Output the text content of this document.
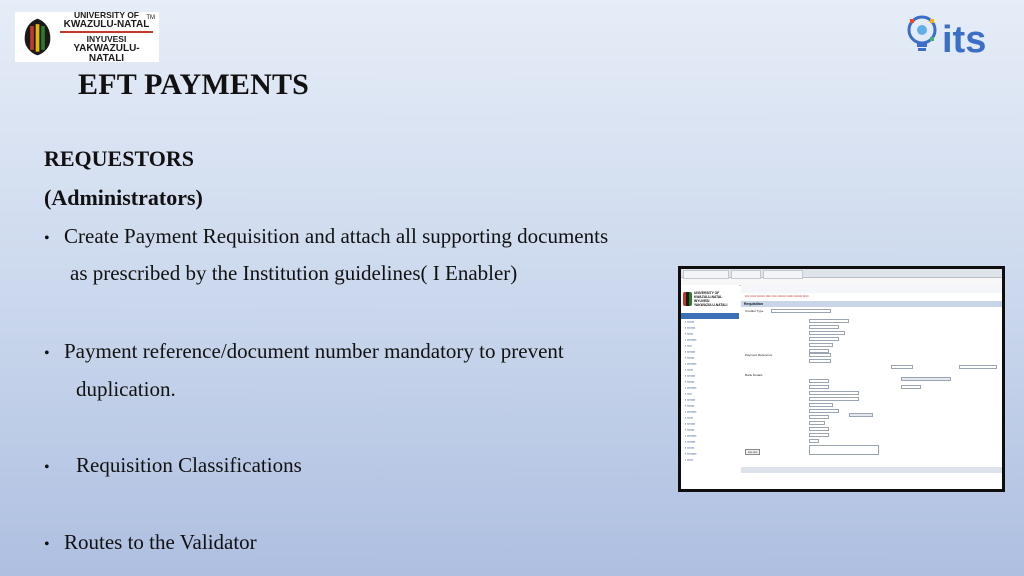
UNIVERSITY OF
KWAZULU-NATAL
INYUVESI
YAKWAZULU-NATALI
TM
its
EFT PAYMENTS
REQUESTORS
(Administrators)
• Create Payment Requisition and attach all supporting documents
as prescribed by the Institution guidelines( I Enabler)
• Payment reference/document number mandatory to prevent
duplication.
• Requisition Classifications
• Routes to the Validator
UNIVERSITY OF
KWAZULU-NATAL
INYUVESI
YAKWAZULU-NATALI

▪ ▪▪▪▪▪▪
▪ ▪▪▪▪▪▪▪
▪ ▪▪▪▪▪
▪ ▪▪▪▪▪▪▪▪
▪ ▪▪▪▪
▪ ▪▪▪▪▪▪▪
▪ ▪▪▪▪▪▪
▪ ▪▪▪▪▪▪▪▪
▪ ▪▪▪▪▪
▪ ▪▪▪▪▪▪▪
▪ ▪▪▪▪▪▪
▪ ▪▪▪▪▪▪▪▪
▪ ▪▪▪▪
▪ ▪▪▪▪▪▪▪
▪ ▪▪▪▪▪▪
▪ ▪▪▪▪▪▪▪▪
▪ ▪▪▪▪▪
▪ ▪▪▪▪▪▪▪
▪ ▪▪▪▪▪▪
▪ ▪▪▪▪▪▪▪▪
▪ ▪▪▪▪▪▪▪
▪ ▪▪▪▪▪▪
▪ ▪▪▪▪▪▪▪▪
▪ ▪▪▪▪▪
▪▪▪▪ ▪▪▪▪▪ ▪▪▪▪▪▪▪ ▪▪▪▪▪ ▪▪▪▪ ▪▪▪▪▪▪▪ ▪▪▪▪▪▪ ▪▪▪▪▪▪▪ ▪▪▪▪▪
Requisition
Creditor Type
Payment Reference
Bank Details
▪▪▪▪ ▪▪▪▪
